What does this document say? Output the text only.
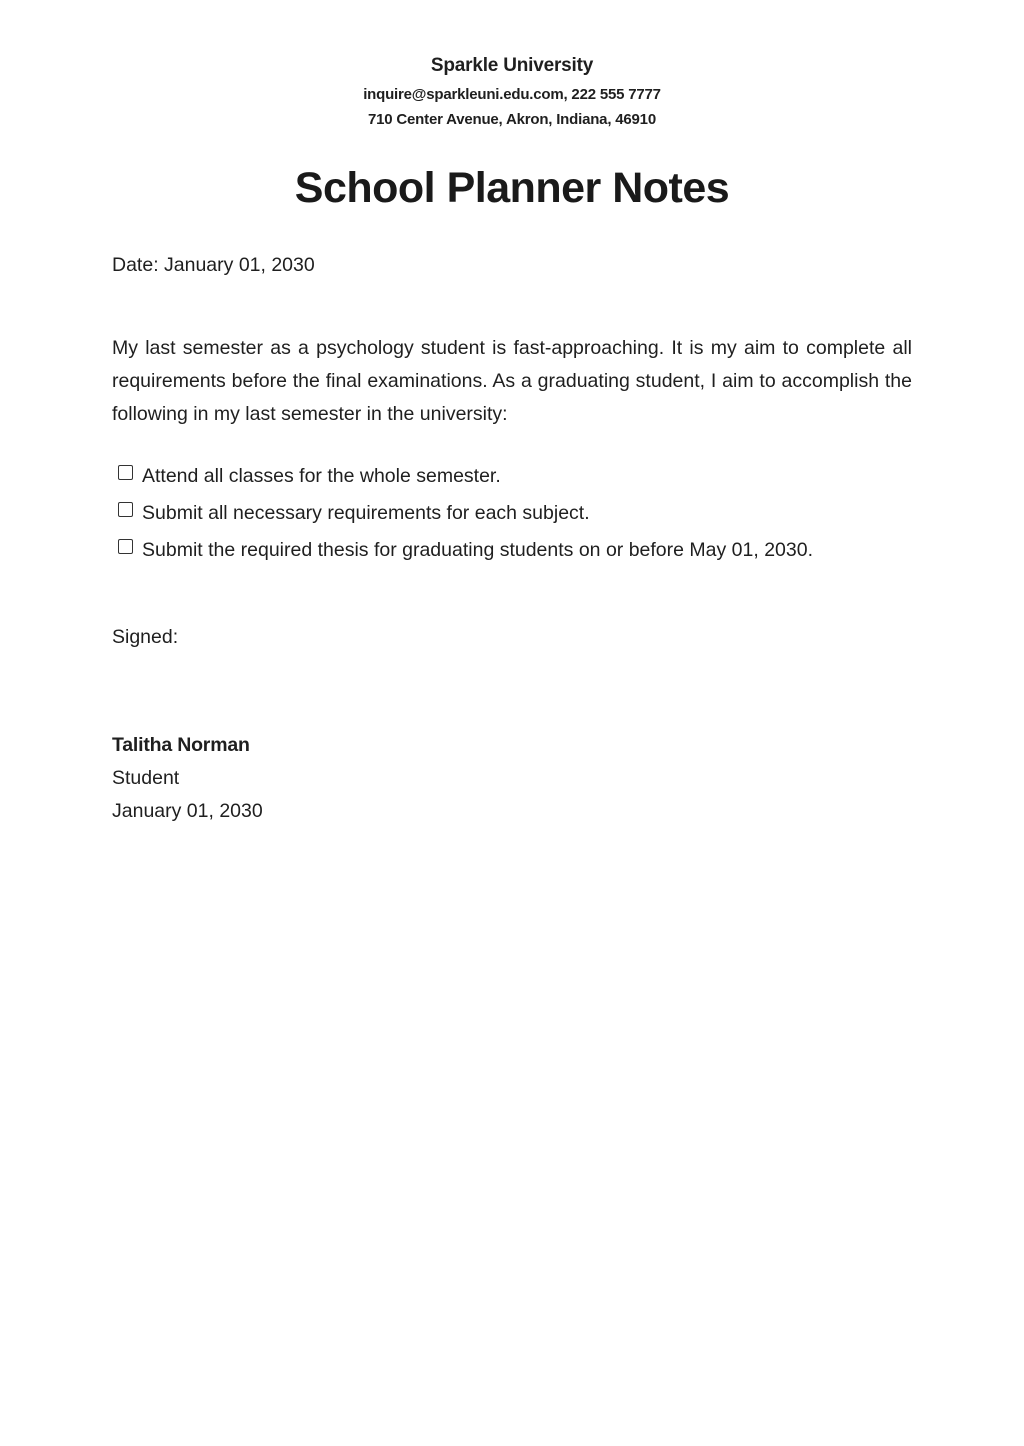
Sparkle University
inquire@sparkleuni.edu.com, 222 555 7777
710 Center Avenue, Akron, Indiana, 46910
School Planner Notes
Date: January 01, 2030

My last semester as a psychology student is fast-approaching. It is my aim to complete all requirements before the final examinations. As a graduating student, I aim to accomplish the following in my last semester in the university:

Attend all classes for the whole semester.
Submit all necessary requirements for each subject.
Submit the required thesis for graduating students on or before May 01, 2030.
Signed:
Talitha Norman
Student
January 01, 2030
